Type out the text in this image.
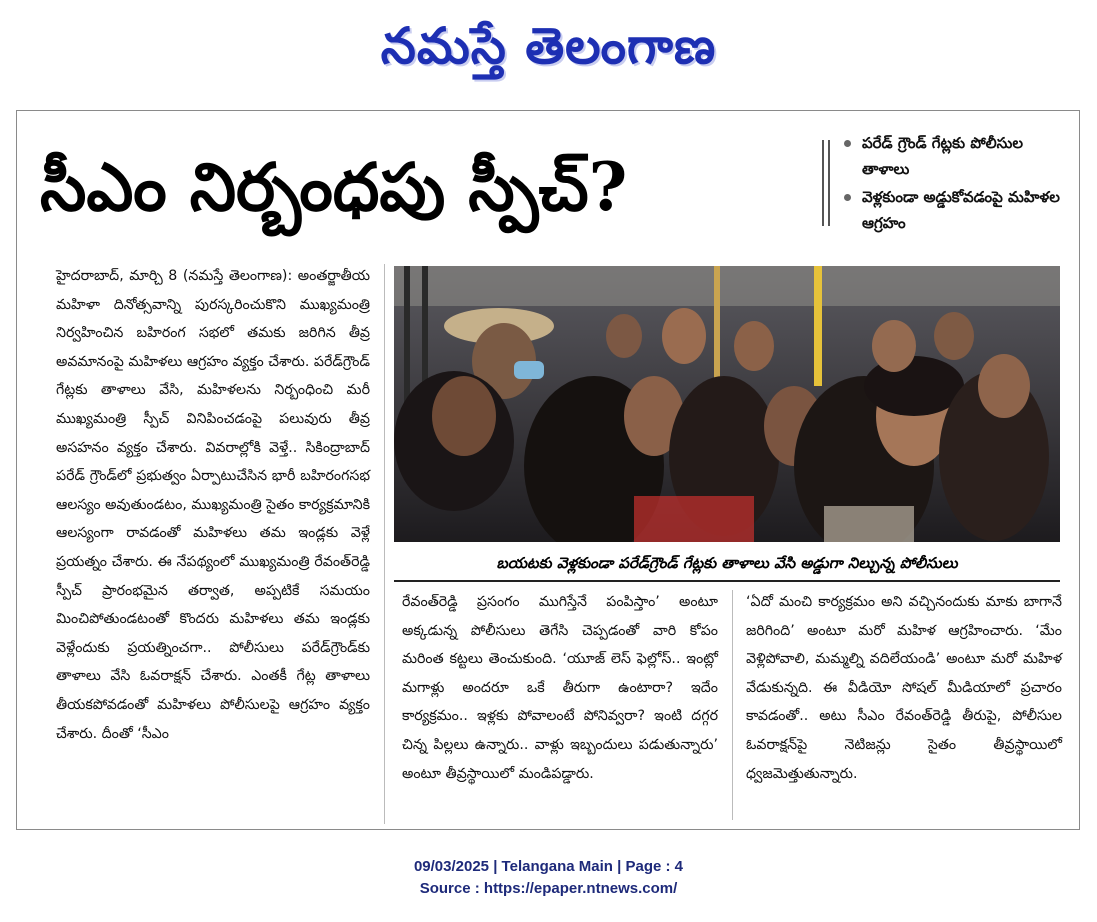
నమస్తే తెలంగాణ
సీఎం నిర్బంధపు స్పీచ్?
పరేడ్ గ్రౌండ్ గేట్లకు పోలీసుల తాళాలు
వెళ్లకుండా అడ్డుకోవడంపై మహిళల ఆగ్రహం
హైదరాబాద్, మార్చి 8 (నమస్తే తెలంగాణ): అంతర్జాతీయ మహిళా దినోత్సవాన్ని పురస్కరించుకొని ముఖ్యమంత్రి నిర్వహించిన బహిరంగ సభలో తమకు జరిగిన తీవ్ర అవమానంపై మహిళలు ఆగ్రహం వ్యక్తం చేశారు. పరేడ్‌గ్రౌండ్ గేట్లకు తాళాలు వేసి, మహిళలను నిర్బంధించి మరీ ముఖ్యమంత్రి స్పీచ్ వినిపించడంపై పలువురు తీవ్ర అసహనం వ్యక్తం చేశారు. వివరాల్లోకి వెళ్తే.. సికింద్రాబాద్ పరేడ్ గ్రౌండ్‌లో ప్రభుత్వం ఏర్పాటుచేసిన భారీ బహిరంగసభ ఆలస్యం అవుతుండటం, ముఖ్యమంత్రి సైతం కార్యక్రమానికి ఆలస్యంగా రావడంతో మహిళలు తమ ఇండ్లకు వెళ్లే ప్రయత్నం చేశారు. ఈ నేపథ్యంలో ముఖ్యమంత్రి రేవంత్‌రెడ్డి స్పీచ్ ప్రారంభమైన తర్వాత, అప్పటికే సమయం మించిపోతుండటంతో కొందరు మహిళలు తమ ఇండ్లకు వెళ్లేందుకు ప్రయత్నించగా.. పోలీసులు పరేడ్‌గ్రౌండ్‌కు తాళాలు వేసి ఓవరాక్షన్ చేశారు. ఎంతకీ గేట్ల తాళాలు తీయకపోవడంతో మహిళలు పోలీసులపై ఆగ్రహం వ్యక్తం చేశారు. దీంతో ‘సీఎం
బయటకు వెళ్లకుండా పరేడ్‌గ్రౌండ్ గేట్లకు తాళాలు వేసి అడ్డుగా నిల్చున్న పోలీసులు
రేవంత్‌రెడ్డి ప్రసంగం ముగిస్తేనే పంపిస్తాం’ అంటూ అక్కడున్న పోలీసులు తెగేసి చెప్పడంతో వారి కోపం మరింత కట్టలు తెంచుకుంది. ‘యూజ్ లెస్ ఫెల్లోస్.. ఇంట్లో మగాళ్లు అందరూ ఒకే తీరుగా ఉంటారా? ఇదేం కార్యక్రమం.. ఇళ్లకు పోవాలంటే పోనివ్వరా? ఇంటి దగ్గర చిన్న పిల్లలు ఉన్నారు.. వాళ్లు ఇబ్బందులు పడుతున్నారు’ అంటూ తీవ్రస్థాయిలో మండిపడ్డారు.
‘ఏదో మంచి కార్యక్రమం అని వచ్చినందుకు మాకు బాగానే జరిగింది’ అంటూ మరో మహిళ ఆగ్రహించారు. ‘మేం వెళ్లిపోవాలి, మమ్మల్ని వదిలేయండి’ అంటూ మరో మహిళ వేడుకున్నది. ఈ వీడియో సోషల్ మీడియాలో ప్రచారం కావడంతో.. అటు సీఎం రేవంత్‌రెడ్డి తీరుపై, పోలీసుల ఓవరాక్షన్‌పై నెటిజన్లు సైతం తీవ్రస్థాయిలో ధ్వజమెత్తుతున్నారు.
09/03/2025 | Telangana Main | Page : 4
Source : https://epaper.ntnews.com/
